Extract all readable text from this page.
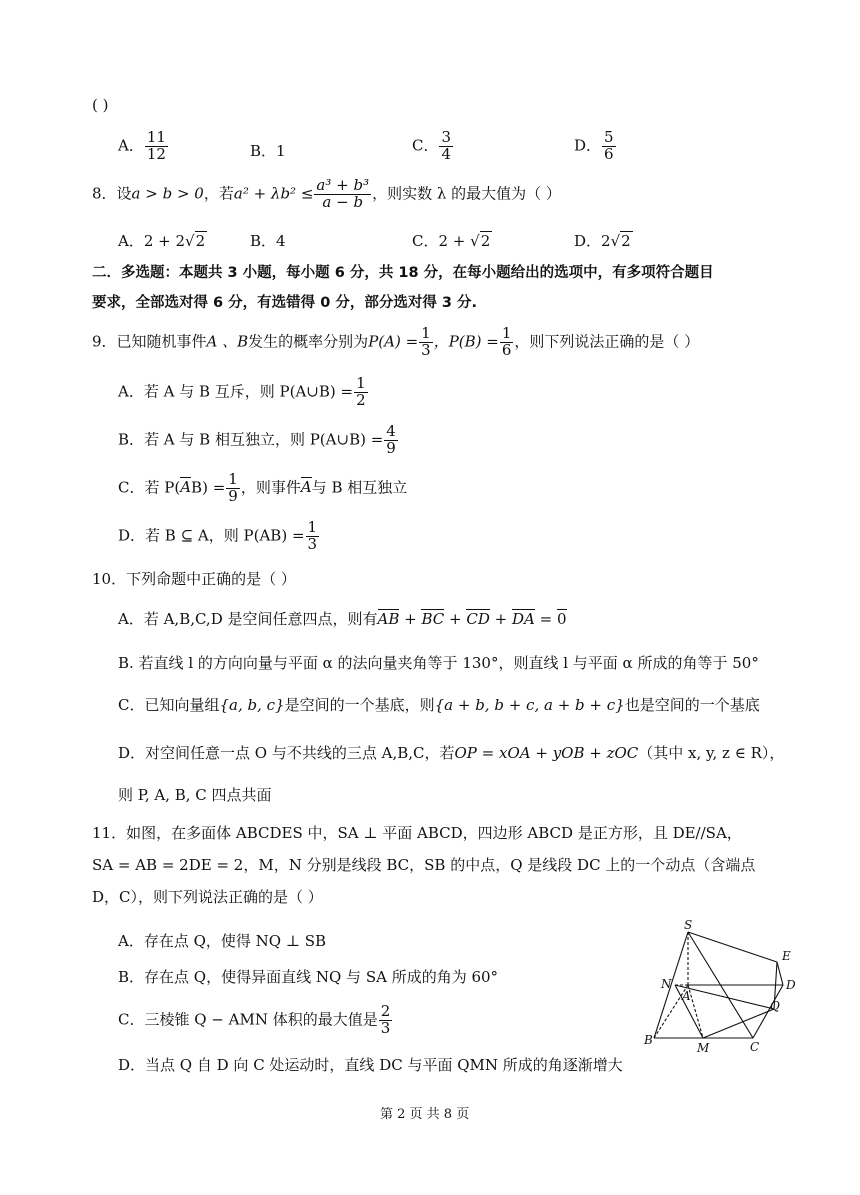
( )
A． $\frac{11}{12}$	B．1	C． $\frac{3}{4}$	D． $\frac{5}{6}$
8．设a > b > 0，若$a^2 + \lambda b^2 \le \frac{\text{a³ + b³}}{a - b}$ ，则实数 λ 的最大值为（ ）
A．2 + 2√2	B．4	C．2 + √2	D．2√2
二．多选题：本题共 3 小题，每小题 6 分，共 18 分，在每小题给出的选项中，有多项符合题目
要求，全部选对得 6 分，有选错得 0 分，部分选对得 3 分.
9．已知随机事件A 、B发生的概率分别为$P(A) = \frac{1}{3}$ ，$P(B) = \frac{1}{6}$ ，则下列说法正确的是（ ）
A．若 A 与 B 互斥，则 P(A∪B) = $\frac{1}{2}$
B．若 A 与 B 相互独立，则 P(A∪B) = $\frac{4}{9}$
C．若 $P(AB) = \frac{1}{9}$ ，则事件A与 B 相互独立
D．若 B ⊆ A，则 $P(AB) = \frac{1}{3}$
10．下列命题中正确的是（ ）
A．若 A,B,C,D 是空间任意四点，则有AB + BC + CD + DA = 0
B. 若直线 l 的方向向量与平面 α 的法向量夹角等于 130°，则直线 l 与平面 α 所成的角等于 50°
C．已知向量组{a, b, c}是空间的一个基底，则{a + b, b + c, a + b + c}也是空间的一个基底
D．对空间任意一点 O 与不共线的三点 A,B,C，若OP = xOA + yOB + zOC（其中 x, y, z ∈ R），
则 P, A, B, C 四点共面
11．如图，在多面体 ABCDES 中，SA ⊥ 平面 ABCD，四边形 ABCD 是正方形，且 DE//SA，
SA = AB = 2DE = 2，M，N 分别是线段 BC，SB 的中点，Q 是线段 DC 上的一个动点（含端点
D，C），则下列说法正确的是（ ）
A．存在点 Q，使得 NQ ⊥ SB
B．存在点 Q，使得异面直线 NQ 与 SA 所成的角为 60°
C．三棱锥 Q − AMN 体积的最大值是 $\frac{2}{3}$
D．当点 Q 自 D 向 C 处运动时，直线 DC 与平面 QMN 所成的角逐渐增大
S
E
N
A
D
Q
B
M	C
第 2 页 共 8 页
